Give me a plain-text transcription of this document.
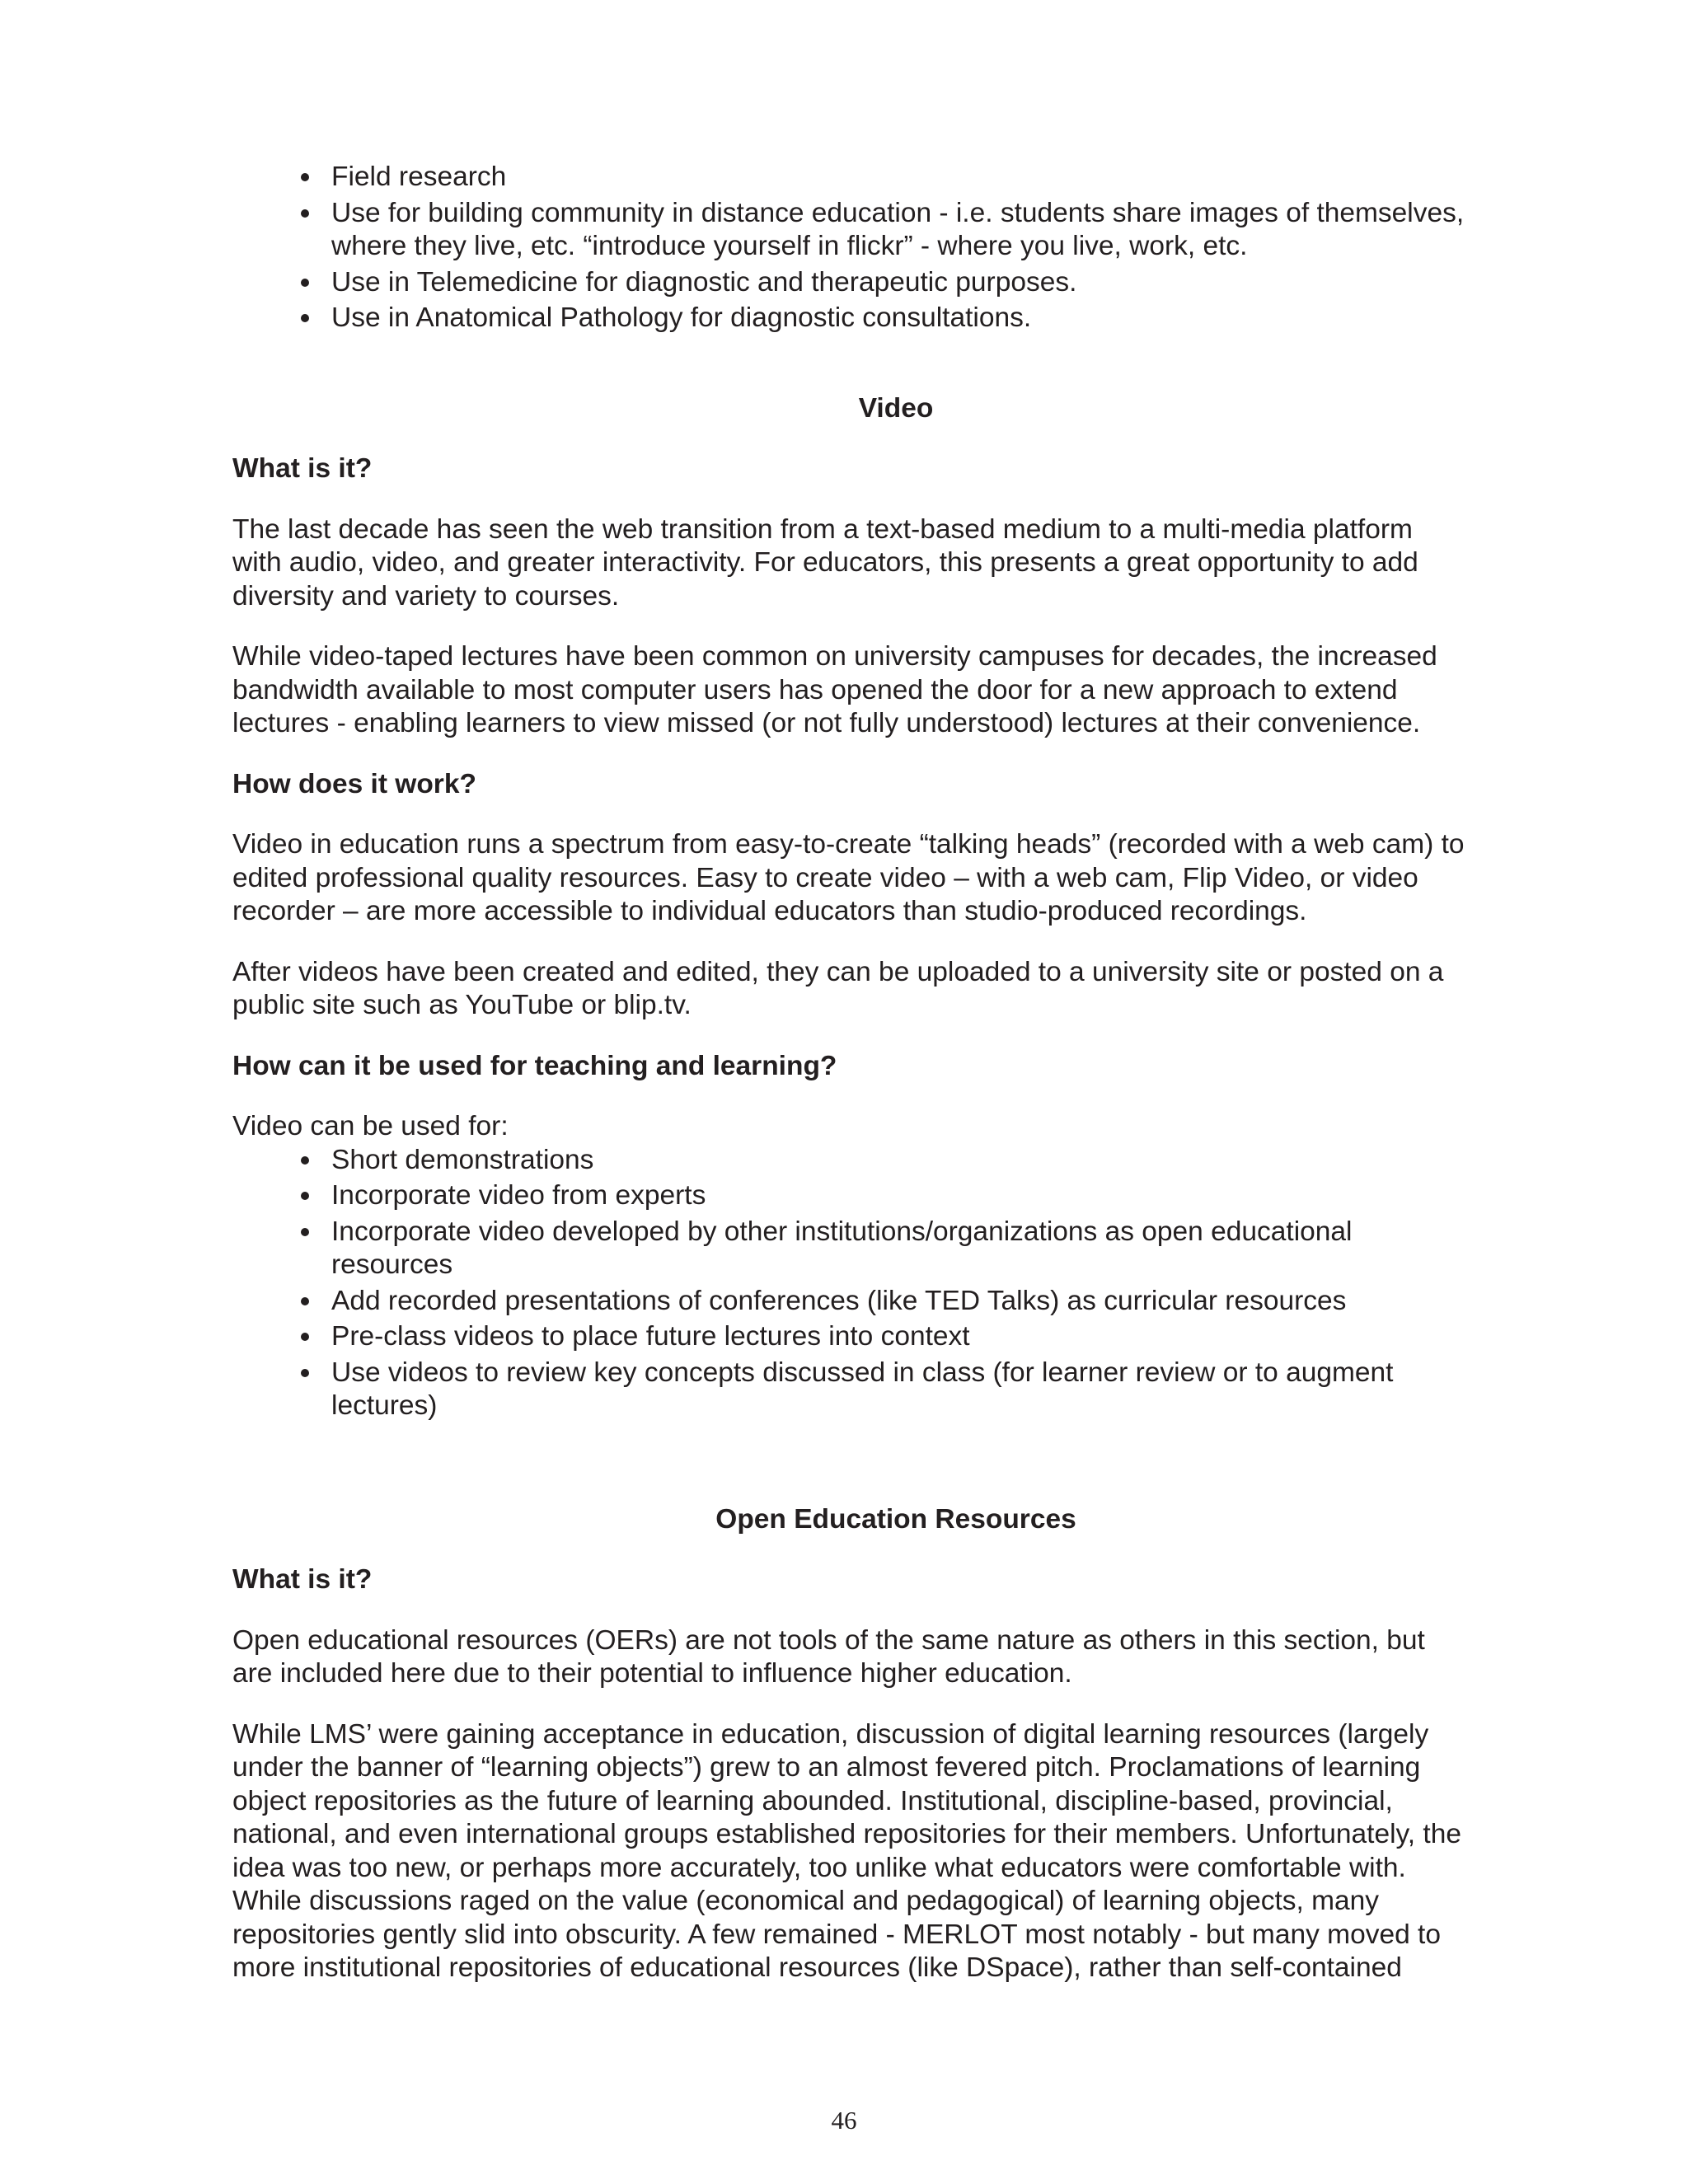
Field research
Use for building community in distance education - i.e. students share images of themselves, where they live, etc. “introduce yourself in flickr” - where you live, work, etc.
Use in Telemedicine for diagnostic and therapeutic purposes.
Use in Anatomical Pathology for diagnostic consultations.
Video
What is it?

The last decade has seen the web transition from a text-based medium to a multi-media platform with audio, video, and greater interactivity. For educators, this presents a great opportunity to add diversity and variety to courses.

While video-taped lectures have been common on university campuses for decades, the increased bandwidth available to most computer users has opened the door for a new approach to extend lectures - enabling learners to view missed (or not fully understood) lectures at their convenience.

How does it work?

Video in education runs a spectrum from easy-to-create “talking heads” (recorded with a web cam) to edited professional quality resources. Easy to create video – with a web cam, Flip Video, or video recorder – are more accessible to individual educators than studio-produced recordings.

After videos have been created and edited, they can be uploaded to a university site or posted on a public site such as YouTube or blip.tv.

How can it be used for teaching and learning?

Video can be used for:

Short demonstrations
Incorporate video from experts
Incorporate video developed by other institutions/organizations as open educational resources
Add recorded presentations of conferences (like TED Talks) as curricular resources
Pre-class videos to place future lectures into context
Use videos to review key concepts discussed in class (for learner review or to augment lectures)
Open Education Resources
What is it?

Open educational resources (OERs) are not tools of the same nature as others in this section, but are included here due to their potential to influence higher education.

While LMS’ were gaining acceptance in education, discussion of digital learning resources (largely under the banner of “learning objects”) grew to an almost fevered pitch. Proclamations of learning object repositories as the future of learning abounded. Institutional, discipline-based, provincial, national, and even international groups established repositories for their members. Unfortunately, the idea was too new, or perhaps more accurately, too unlike what educators were comfortable with. While discussions raged on the value (economical and pedagogical) of learning objects, many repositories gently slid into obscurity. A few remained - MERLOT most notably - but many moved to more institutional repositories of educational resources (like DSpace), rather than self-contained

46
